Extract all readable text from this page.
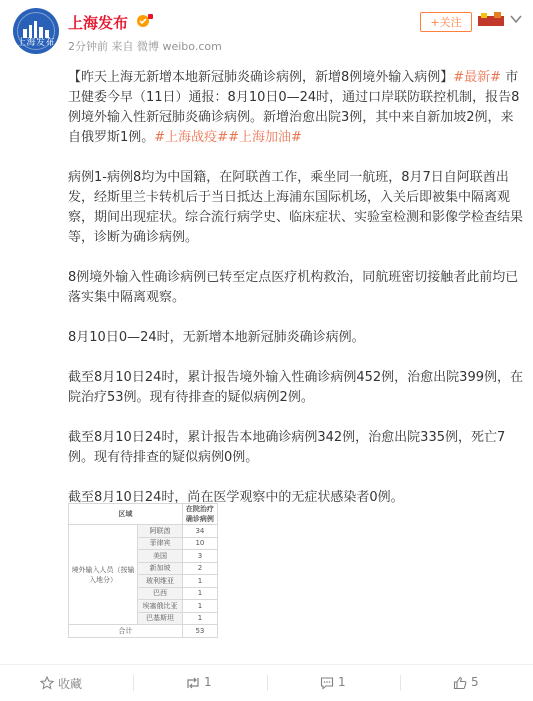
上海发布
上海发布
2分钟前 来自 微博 weibo.com
+关注

【昨天上海无新增本地新冠肺炎确诊病例，新增8例境外输入病例】#最新# 市卫健委今早（11日）通报：8月10日0—24时，通过口岸联防联控机制，报告8例境外输入性新冠肺炎确诊病例。新增治愈出院3例，其中来自新加坡2例，来自俄罗斯1例。#上海战疫##上海加油#

病例1-病例8均为中国籍，在阿联酋工作，乘坐同一航班，8月7日自阿联酋出发，经斯里兰卡转机后于当日抵达上海浦东国际机场，入关后即被集中隔离观察，期间出现症状。综合流行病学史、临床症状、实验室检测和影像学检查结果等，诊断为确诊病例。

8例境外输入性确诊病例已转至定点医疗机构救治，同航班密切接触者此前均已落实集中隔离观察。

8月10日0—24时，无新增本地新冠肺炎确诊病例。

截至8月10日24时，累计报告境外输入性确诊病例452例，治愈出院399例，在院治疗53例。现有待排查的疑似病例2例。

截至8月10日24时，累计报告本地确诊病例342例，治愈出院335例，死亡7例。现有待排查的疑似病例0例。

截至8月10日24时，尚在医学观察中的无症状感染者0例。

区域		在院治疗确诊病例
境外输入人员（按输入地分）	阿联酋	34
	菲律宾	10
	美国	3
	新加坡	2
	玻利维亚	1
	巴西	1
	埃塞俄比亚	1
	巴基斯坦	1
合计		53
收藏	1	1	5
